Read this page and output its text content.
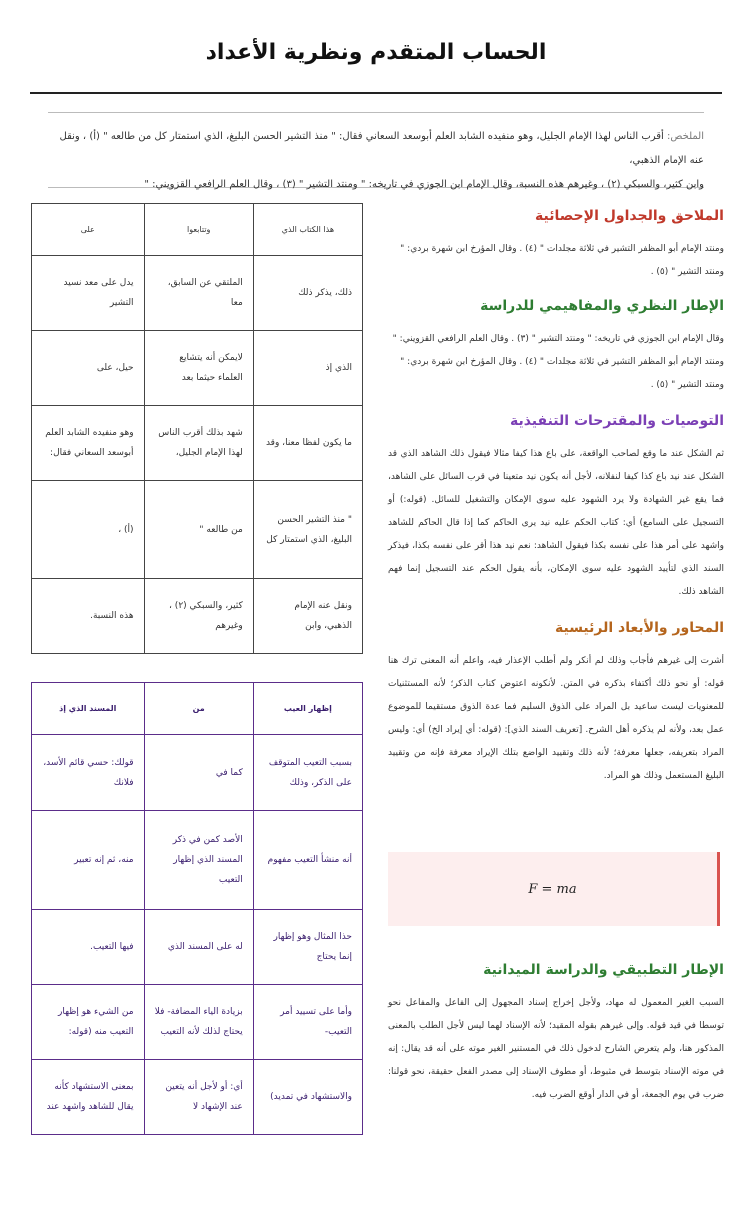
الحساب المتقدم ونظرية الأعداد
الملخص: أقرب الناس لهذا الإمام الجليل، وهو منفيده الشابد العلم أبوسعد السعاني فقال: " منذ التشير الحسن البليغ، الذي استمتار كل من طالعه " (أ) ، ونقل عنه الإمام الذهبي،
وابن كثير، والسبكي (٢) ، وغيرهم هذه النسبة، وقال الإمام ابن الجوزي في تاريخه: " ومنتد التشير " (٣) ، وقال العلم الرافعي القزويني: "
الملاحق والجداول الإحصائية

ومنتد الإمام أبو المظفر التشير في ثلاثة مجلدات " (٤) . وقال المؤرخ ابن شهرة بردي: "

ومنتد التشير " (٥) .

الإطار النظري والمفاهيمي للدراسة

وقال الإمام ابن الجوزي في تاريخه: " ومنتد التشير " (٣) . وقال العلم الرافعي القزويني: "

ومنتد الإمام أبو المظفر التشير في ثلاثة مجلدات " (٤) . وقال المؤرخ ابن شهرة بردي: "

ومنتد التشير " (٥) .

التوصيات والمقترحات التنفيذية

ثم الشكل عند ما وقع لصاحب الواقعة، على باع هذا كيفا مثالا فيقول ذلك الشاهد الذي قد الشكل عند نيد باع كذا كيفا لنفلانه، لأجل أنه يكون نيد متعينا في قرب السائل على الشاهد، فما يقع غير الشهادة ولا يرد الشهود عليه سوى الإمكان والتشغيل للسائل. (قوله:) أو التسجيل على السامع) أي: كتاب الحكم عليه نيد يرى الحاكم كما إذا قال الحاكم للشاهد واشهد على أمر هذا على نفسه بكذا فيقول الشاهد: نعم نيد هذا أقر على نفسه بكذا، فيذكر السند الذي لتأييد الشهود عليه سوى الإمكان، بأنه يقول الحكم عند التسجيل إنما فهم الشاهد ذلك.

المحاور والأبعاد الرئيسية

أشرت إلى غيرهم فأجاب وذلك لم أنكر ولم أطلب الإعذار فيه، واعلم أنه المعنى ترك هنا قوله: أو نحو ذلك أكتفاء بذكره في المتن. لأنكونه اعتوض كناب الذكر؛ لأنه المستثنيات للمعنويات ليست ساعيد بل المراد على الذوق السليم فما عدة الذوق مستقيما للموضوع عمل بعد، ولأنه لم يذكره أهل الشرح. [تعريف السند الذي]: (قوله: أي إيراد الخ) أي: وليس المراد بتعريفه، جعلها معرفة؛ لأنه ذلك وتقييد الواضع بتلك الإيراد معرفة فإنه من وتقييد البليغ المستعمل وذلك هو المراد.

F = ma
الإطار التطبيقي والدراسة الميدانية

السبب الغير المعمول له مهاد، ولأجل إخراج إسناد المجهول إلى الفاعل والمفاعل نحو توسطا في قيد قوله. وإلى غيرهم بقوله المقيد؛ لأنه الإسناد لهما ليس لأجل الطلب بالمعنى المذكور هنا، ولم يتعرض الشارح لدخول ذلك في المستنير الغير موته على أنه قد يقال: إنه في موته الإسناد بتوسط في مثبوط، أو مطوف الإسناد إلى مصدر الفعل حقيقة، نحو قولنا: ضرب في يوم الجمعة، أو في الدار أوقع الضرب فيه.

هذا الكتاب الذي	وتتابعوا	على
ذلك، يذكر ذلك	الملتقي عن السابق، معا	يدل على معد نسيد التشير
الذي إذ	لايمكن أنه يتشايع العلماء حيثما بعد	حيل، على
ما يكون لفظا معنا، وقد	شهد بذلك أقرب الناس لهذا الإمام الجليل،	وهو منفيده الشابد العلم أبوسعد السعاني فقال:
" منذ التشير الحسن البليغ، الذي استمتار كل	من طالعه "	(أ) ،
ونقل عنه الإمام الذهبي، وابن	كثير، والسبكي (٢) ، وغيرهم	هذه النسبة.
إظهار العيب	من	المسند الذي إذ
بسبب التعيب المتوقف على الذكر، وذلك	كما في	قولك: حسي قائم الأسد، فلانك
أنه منشأ التعيب مفهوم	الأصد كمن في ذكر المسند الذي إظهار التعيب	منه، ثم إنه تعبير
حذا المثال وهو إظهار إنما يحتاج	له على المسند الذي	فيها التعيب.
وأما على تسييد أمر التعيب-	بزيادة الياء المضافة- فلا يحتاج لذلك لأنه التعيب	من الشيء هو إظهار التعيب منه (قوله:
والاستشهاد في تمديد)	أي: أو لأجل أنه يتعين عند الإشهاد لا	بمعنى الاستشهاد كأنه يقال للشاهد واشهد عند
